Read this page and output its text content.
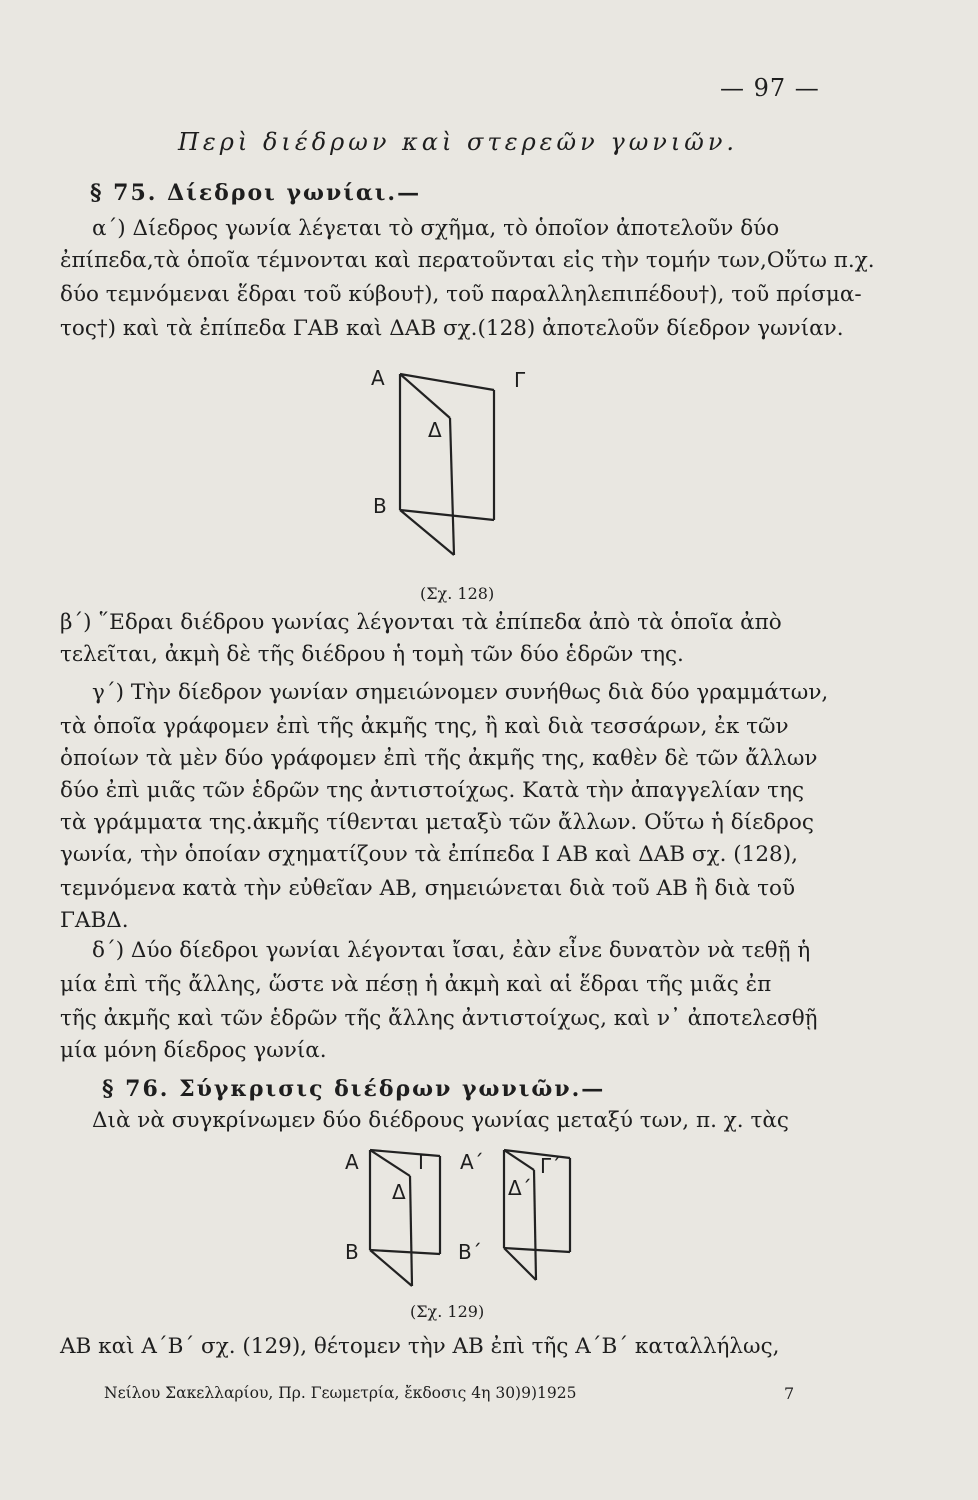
— 97 —
Περὶ διέδρων καὶ στερεῶν γωνιῶν.
§ 75. Δίεδροι γωνίαι.—
α΄) Δίεδρος γωνία λέγεται τὸ σχῆμα, τὸ ὁποῖον ἀποτελοῦν δύο
ἐπίπεδα,τὰ ὁποῖα τέμνονται καὶ περατοῦνται εἰς τὴν τομήν των,Οὕτω π.χ.
δύο τεμνόμεναι ἕδραι τοῦ κύβου†), τοῦ παραλληλεπιπέδου†), τοῦ πρίσμα-
τος†) καὶ τὰ ἐπίπεδα ΓΑΒ καὶ ΔΑΒ σχ.(128) ἀποτελοῦν δίεδρον γωνίαν.
Α	Γ
Δ
Β
(Σχ. 128)
β΄) ῞Εδραι διέδρου γωνίας λέγονται τὰ ἐπίπεδα ἀπὸ τὰ ὁποῖα ἀπὸ
τελεῖται, ἀκμὴ δὲ τῆς διέδρου ἡ τομὴ τῶν δύο ἑδρῶν της.
γ΄) Τὴν δίεδρον γωνίαν σημειώνομεν συνήθως διὰ δύο γραμμάτων,
τὰ ὁποῖα γράφομεν ἐπὶ τῆς ἀκμῆς της, ἢ καὶ διὰ τεσσάρων, ἐκ τῶν
ὁποίων τὰ μὲν δύο γράφομεν ἐπὶ τῆς ἀκμῆς της, καθὲν δὲ τῶν ἄλλων
δύο ἐπὶ μιᾶς τῶν ἑδρῶν της ἀντιστοίχως. Κατὰ τὴν ἀπαγγελίαν της
τὰ γράμματα της.ἀκμῆς τίθενται μεταξὺ τῶν ἄλλων. Οὕτω ἡ δίεδρος
γωνία, τὴν ὁποίαν σχηματίζουν τὰ ἐπίπεδα Ι ΑΒ καὶ ΔΑΒ σχ. (128),
τεμνόμενα κατὰ τὴν εὐθεῖαν ΑΒ, σημειώνεται διὰ τοῦ ΑΒ ἢ διὰ τοῦ
ΓΑΒΔ.
δ΄) Δύο δίεδροι γωνίαι λέγονται ἴσαι, ἐὰν εἶνε δυνατὸν νὰ τεθῇ ἡ
μία ἐπὶ τῆς ἄλλης, ὥστε νὰ πέσῃ ἡ ἀκμὴ καὶ αἱ ἕδραι τῆς μιᾶς ἐπ
τῆς ἀκμῆς καὶ τῶν ἑδρῶν τῆς ἄλλης ἀντιστοίχως, καὶ ν᾽ ἀποτελεσθῇ
μία μόνη δίεδρος γωνία.
§ 76. Σύγκρισις διέδρων γωνιῶν.—
Διὰ νὰ συγκρίνωμεν δύο διέδρους γωνίας μεταξύ των, π. χ. τὰς
Α	Γ
Δ
Β
Α΄	Γ΄
Δ΄
Β΄
(Σχ. 129)
ΑΒ καὶ Α΄Β΄ σχ. (129), θέτομεν τὴν ΑΒ ἐπὶ τῆς Α΄Β΄ καταλλήλως,
Νείλου Σακελλαρίου, Πρ. Γεωμετρία, ἔκδοσις 4η 30)9)1925	7
